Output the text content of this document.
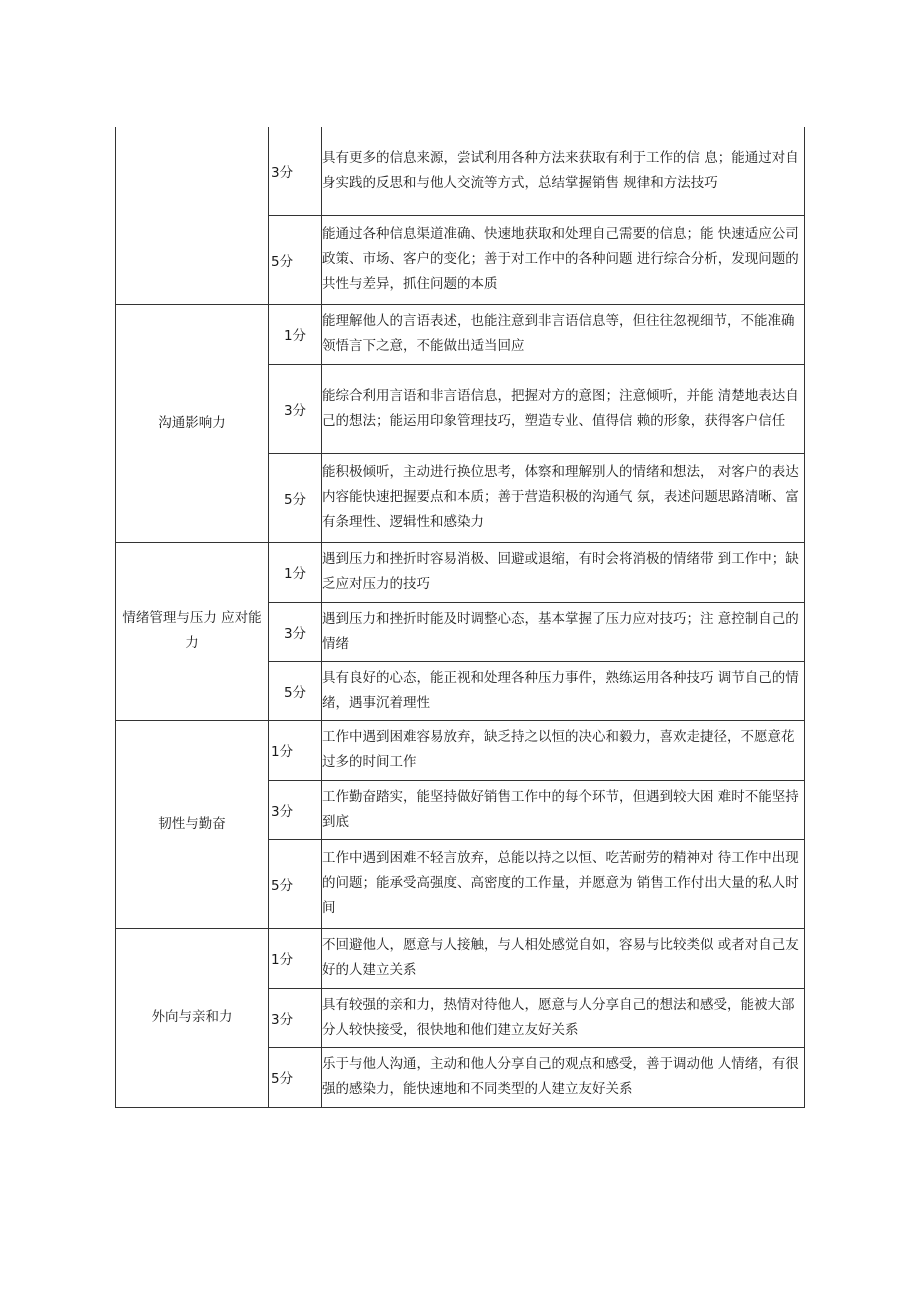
	3分	具有更多的信息来源，尝试利用各种方法来获取有利于工作的信 息；能通过对自身实践的反思和与他人交流等方式，总结掌握销售 规律和方法技巧
	5分	能通过各种信息渠道准确、快速地获取和处理自己需要的信息；能 快速适应公司政策、市场、客户的变化；善于对工作中的各种问题 进行综合分析，发现问题的共性与差异，抓住问题的本质
沟通影响力	1分	能理解他人的言语表述，也能注意到非言语信息等，但往往忽视细节，不能准确领悟言下之意，不能做出适当回应
	3分	能综合利用言语和非言语信息，把握对方的意图；注意倾听，并能 清楚地表达自己的想法；能运用印象管理技巧，塑造专业、值得信 赖的形象，获得客户信任
	5分	能积极倾听，主动进行换位思考，体察和理解别人的情绪和想法， 对客户的表达内容能快速把握要点和本质；善于营造积极的沟通气 氛，表述问题思路清晰、富有条理性、逻辑性和感染力
情绪管理与压力 应对能力	1分	遇到压力和挫折时容易消极、回避或退缩，有时会将消极的情绪带 到工作中；缺乏应对压力的技巧
	3分	遇到压力和挫折时能及时调整心态，基本掌握了压力应对技巧；注 意控制自己的情绪
	5分	具有良好的心态，能正视和处理各种压力事件，熟练运用各种技巧 调节自己的情绪，遇事沉着理性
韧性与勤奋	1分	工作中遇到困难容易放弃，缺乏持之以恒的决心和毅力，喜欢走捷径，不愿意花过多的时间工作
	3分	工作勤奋踏实，能坚持做好销售工作中的每个环节，但遇到较大困 难时不能坚持到底
	5分	工作中遇到困难不轻言放弃，总能以持之以恒、吃苦耐劳的精神对 待工作中出现的问题；能承受高强度、高密度的工作量，并愿意为 销售工作付出大量的私人时间
外向与亲和力	1分	不回避他人，愿意与人接触，与人相处感觉自如，容易与比较类似 或者对自己友好的人建立关系
	3分	具有较强的亲和力，热情对待他人，愿意与人分享自己的想法和感受，能被大部分人较快接受，很快地和他们建立友好关系
	5分	乐于与他人沟通，主动和他人分享自己的观点和感受，善于调动他 人情绪，有很强的感染力，能快速地和不同类型的人建立友好关系
